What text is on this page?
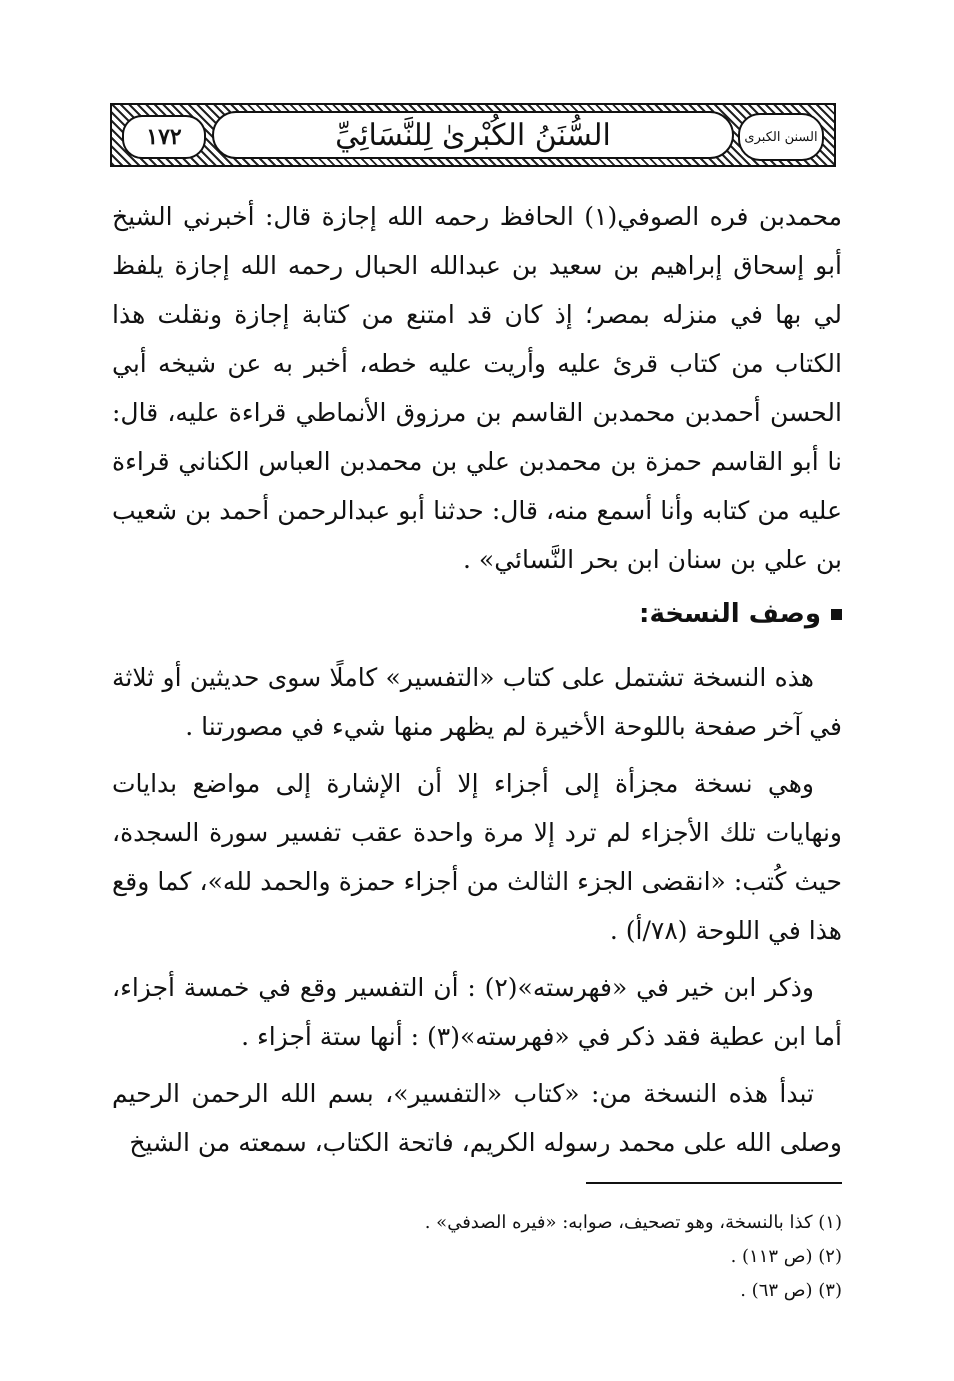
١٧٢	السُّنَنُ الكُبْرىٰ لِلنَّسَائِيِّ	السنن الكبرى

محمدبن فره الصوفي(١) الحافظ رحمه الله إجازة قال: أخبرني الشيخ أبو إسحاق إبراهيم بن سعيد بن عبدالله الحبال رحمه الله إجازة يلفظ لي بها في منزله بمصر؛ إذ كان قد امتنع من كتابة إجازة ونقلت هذا الكتاب من كتاب قرئ عليه وأريت عليه خطه، أخبر به عن شيخه أبي الحسن أحمدبن محمدبن القاسم بن مرزوق الأنماطي قراءة عليه، قال: نا أبو القاسم حمزة بن محمدبن علي بن محمدبن العباس الكناني قراءة عليه من كتابه وأنا أسمع منه، قال: حدثنا أبو عبدالرحمن أحمد بن شعيب بن علي بن سنان ابن بحر النَّسائي» .

وصف النسخة:

هذه النسخة تشتمل على كتاب «التفسير» كاملًا سوى حديثين أو ثلاثة في آخر صفحة باللوحة الأخيرة لم يظهر منها شيء في مصورتنا .

وهي نسخة مجزأة إلى أجزاء إلا أن الإشارة إلى مواضع بدايات ونهايات تلك الأجزاء لم ترد إلا مرة واحدة عقب تفسير سورة السجدة، حيث كُتب: «انقضى الجزء الثالث من أجزاء حمزة والحمد لله»، كما وقع هذا في اللوحة (٧٨/أ) .

وذكر ابن خير في «فهرسته»(٢) : أن التفسير وقع في خمسة أجزاء، أما ابن عطية فقد ذكر في «فهرسته»(٣) : أنها ستة أجزاء .

تبدأ هذه النسخة من: «كتاب «التفسير»، بسم الله الرحمن الرحيم وصلى الله على محمد رسوله الكريم، فاتحة الكتاب، سمعته من الشيخ

(١) كذا بالنسخة، وهو تصحيف، صوابه: «فيره الصدفي» .
(٢) (ص ١١٣) .
(٣) (ص ٦٣) .
